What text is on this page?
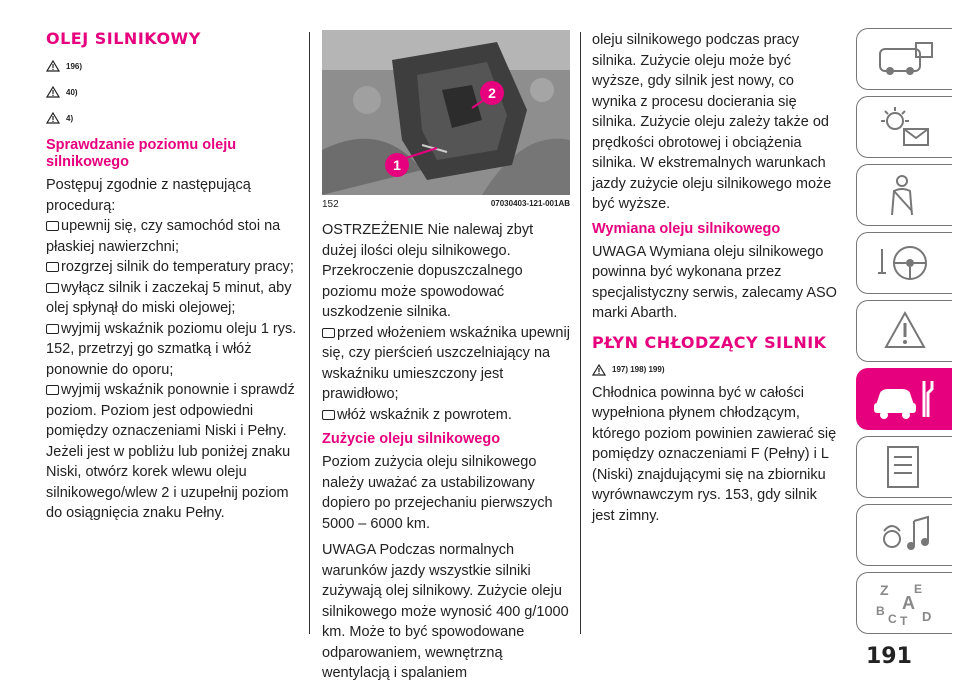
OLEJ SILNIKOWY
196)
40)
4)
Sprawdzanie poziomu oleju silnikowego

Postępuj zgodnie z następującą procedurą:

upewnij się, czy samochód stoi na płaskiej nawierzchni;
rozgrzej silnik do temperatury pracy;
wyłącz silnik i zaczekaj 5 minut, aby olej spłynął do miski olejowej;
wyjmij wskaźnik poziomu oleju 1 rys. 152, przetrzyj go szmatką i włóż ponownie do oporu;
wyjmij wskaźnik ponownie i sprawdź poziom. Poziom jest odpowiedni pomiędzy oznaczeniami Niski i Pełny. Jeżeli jest w pobliżu lub poniżej znaku Niski, otwórz korek wlewu oleju silnikowego/wlew 2 i uzupełnij poziom do osiągnięcia znaku Pełny.
1
2
152	07030403-121-001AB

OSTRZEŻENIE Nie nalewaj zbyt dużej ilości oleju silnikowego. Przekroczenie dopuszczalnego poziomu może spowodować uszkodzenie silnika.

przed włożeniem wskaźnika upewnij się, czy pierścień uszczelniający na wskaźniku umieszczony jest prawidłowo;
włóż wskaźnik z powrotem.
Zużycie oleju silnikowego

Poziom zużycia oleju silnikowego należy uważać za ustabilizowany dopiero po przejechaniu pierwszych 5000 – 6000 km.

UWAGA Podczas normalnych warunków jazdy wszystkie silniki zużywają olej silnikowy. Zużycie oleju silnikowego może wynosić 400 g/1000 km. Może to być spowodowane odparowaniem, wewnętrzną wentylacją i spalaniem

oleju silnikowego podczas pracy silnika. Zużycie oleju może być wyższe, gdy silnik jest nowy, co wynika z procesu docierania się silnika. Zużycie oleju zależy także od prędkości obrotowej i obciążenia silnika. W ekstremalnych warunkach jazdy zużycie oleju silnikowego może być wyższe.

Wymiana oleju silnikowego

UWAGA Wymiana oleju silnikowego powinna być wykonana przez specjalistyczny serwis, zalecamy ASO marki Abarth.

PŁYN CHŁODZĄCY SILNIK
197) 198) 199)

Chłodnica powinna być w całości wypełniona płynem chłodzącym, którego poziom powinien zawierać się pomiędzy oznaczeniami F (Pełny) i L (Niski) znajdującymi się na zbiorniku wyrównawczym rys. 153, gdy silnik jest zimny.

Z E
A
B
C T D
191
